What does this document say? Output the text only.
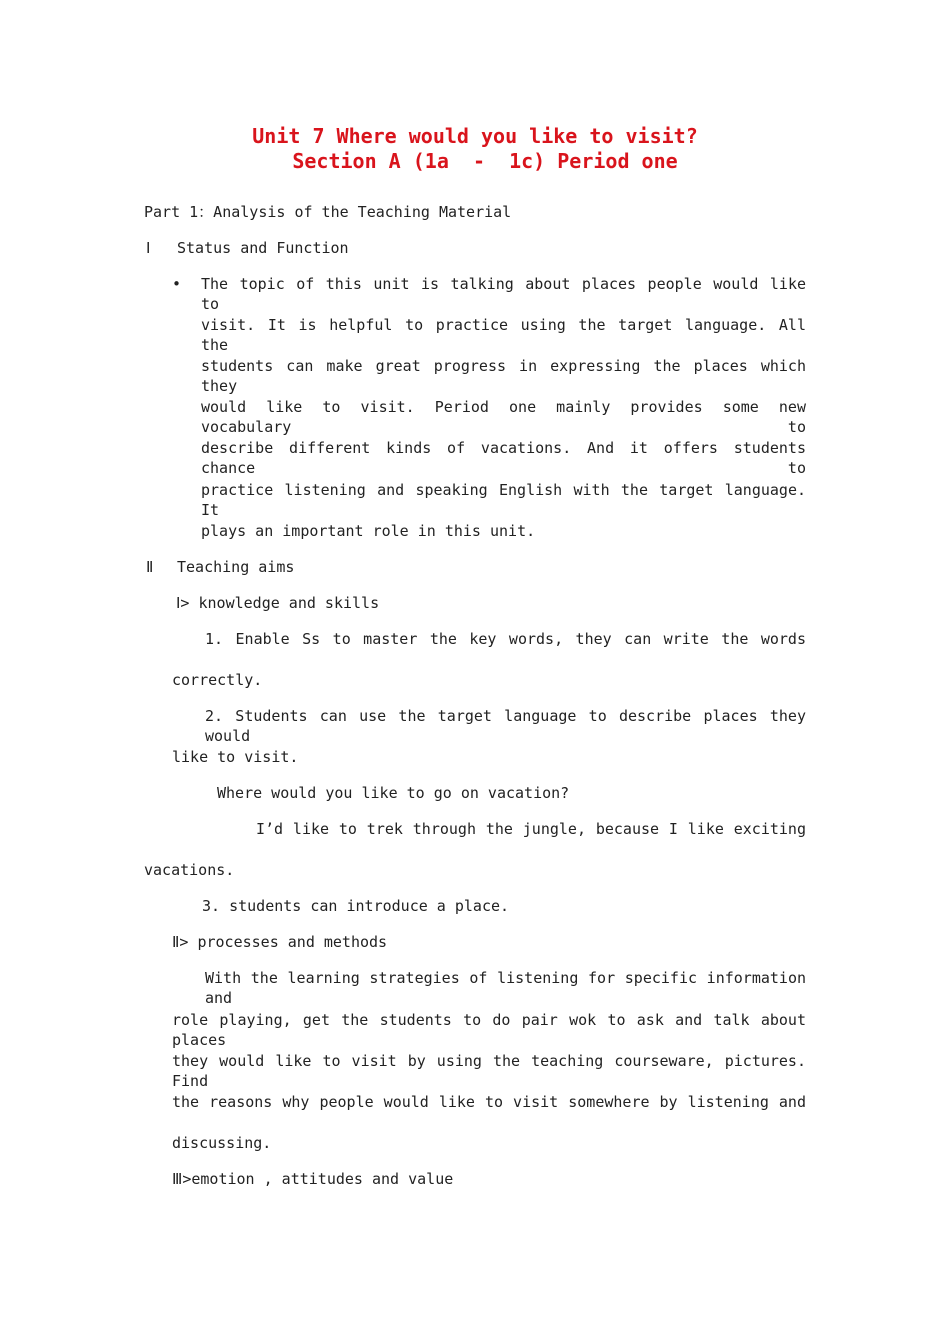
Unit 7 Where would you like to visit?
Section A (1a  -  1c) Period one
Part 1：Analysis of the Teaching Material
Ⅰ Status and Function
• The topic of this unit is talking about places people would like to
visit. It is helpful to practice using the target language. All the
students can make great progress in expressing the places which they
would like to visit. Period one mainly provides some new vocabulary to
describe different kinds of vacations. And it offers students chance to
practice listening and speaking English with the target language. It
plays an important role in this unit.
Ⅱ Teaching aims
Ⅰ> knowledge and skills
1. Enable Ss to master the key words, they can write the words
correctly.
2. Students can use the target language to describe places they would
like to visit.
Where would you like to go on vacation?
I’d like to trek through the jungle, because I like exciting
vacations.
3. students can introduce a place.
Ⅱ> processes and methods
With the learning strategies of listening for specific information and
role playing, get the students to do pair wok to ask and talk about places
they would like to visit by using the teaching courseware, pictures. Find
the reasons why people would like to visit somewhere by listening and
discussing.
Ⅲ>emotion , attitudes and value
